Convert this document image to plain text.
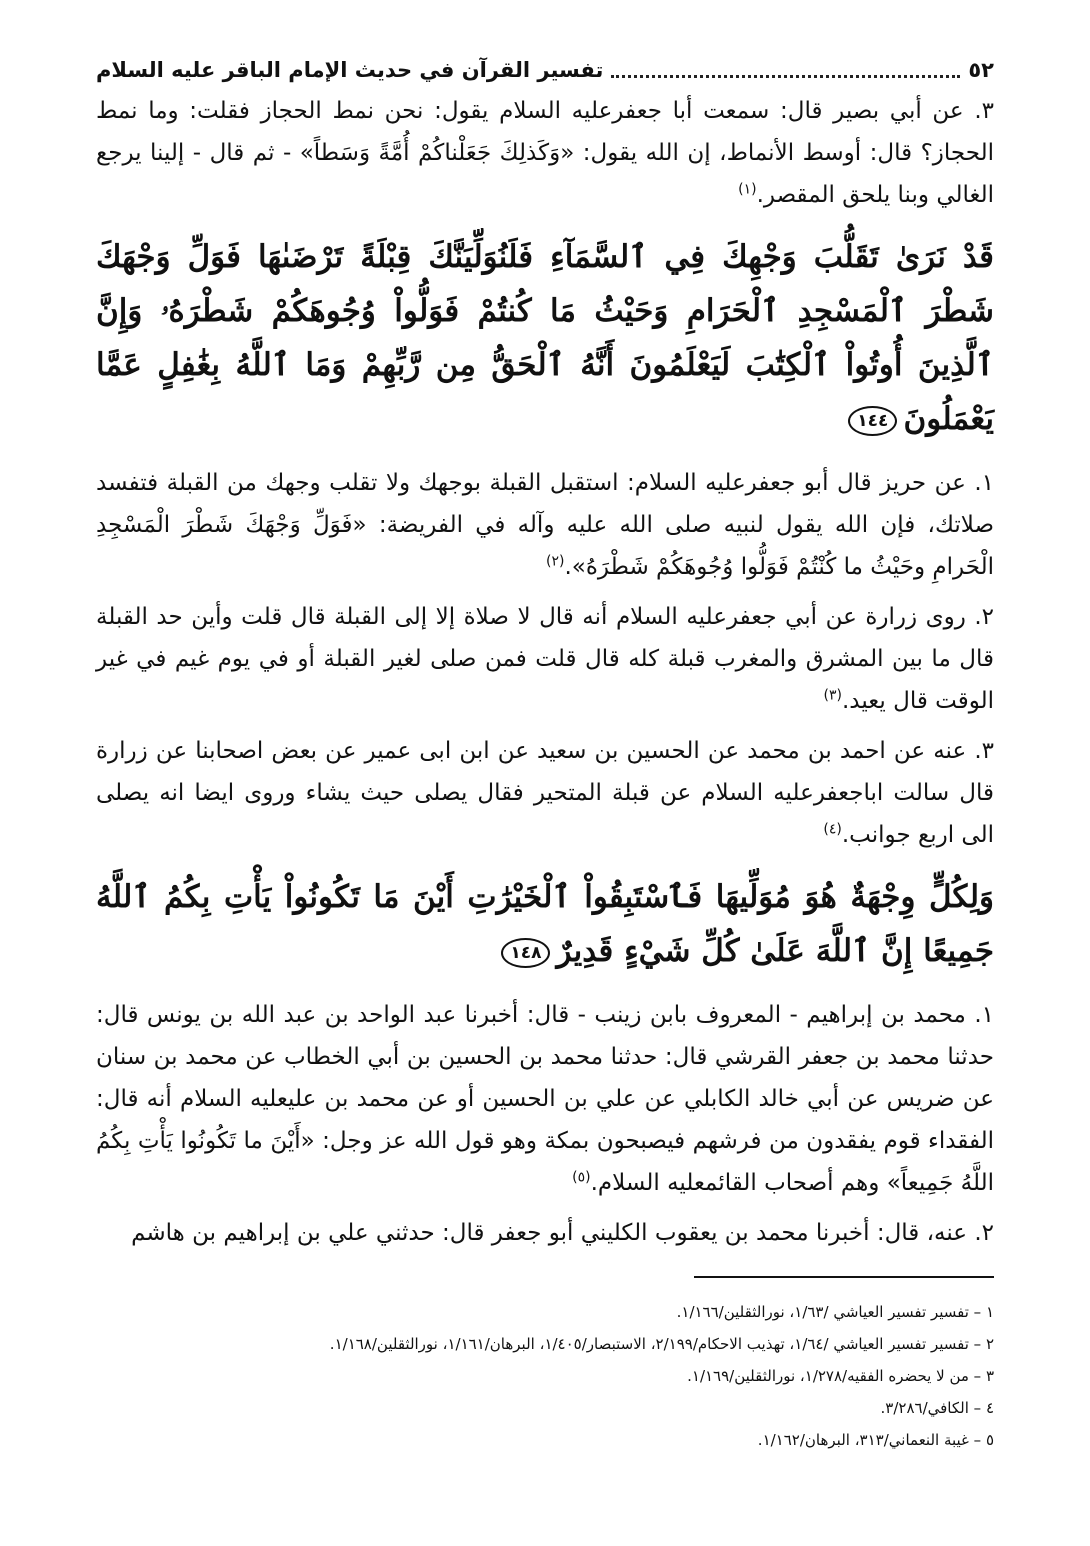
٥٢
تفسير القرآن في حديث الإمام الباقر عليه السلام

٣. عن أبي بصير قال: سمعت أبا جعفرعليه السلام يقول: نحن نمط الحجاز فقلت: وما نمط الحجاز؟ قال: أوسط الأنماط، إن الله يقول: «وَكَذلِكَ جَعَلْناكُمْ أُمَّةً وَسَطاً» - ثم قال - إلينا يرجع الغالي وبنا يلحق المقصر.$^{(١)}$

قَدْ نَرَىٰ تَقَلُّبَ وَجْهِكَ فِي ٱلسَّمَآءِ فَلَنُوَلِّيَنَّكَ قِبْلَةً تَرْضَىٰهَا فَوَلِّ وَجْهَكَ شَطْرَ ٱلْمَسْجِدِ ٱلْحَرَامِ وَحَيْثُ مَا كُنتُمْ فَوَلُّواْ وُجُوهَكُمْ شَطْرَهُۥ وَإِنَّ ٱلَّذِينَ أُوتُواْ ٱلْكِتَٰبَ لَيَعْلَمُونَ أَنَّهُ ٱلْحَقُّ مِن رَّبِّهِمْ وَمَا ٱللَّهُ بِغَٰفِلٍ عَمَّا يَعْمَلُونَ١٤٤

١. عن حريز قال أبو جعفرعليه السلام: استقبل القبلة بوجهك ولا تقلب وجهك من القبلة فتفسد صلاتك، فإن الله يقول لنبيه صلى الله عليه وآله في الفريضة: «فَوَلِّ وَجْهَكَ شَطْرَ الْمَسْجِدِ الْحَرامِ وحَيْثُ ما كُنْتُمْ فَوَلُّوا وُجُوهَكُمْ شَطْرَهُ».$^{(٢)}$

٢. روى زرارة عن أبي جعفرعليه السلام أنه قال لا صلاة إلا إلى القبلة قال قلت وأين حد القبلة قال ما بين المشرق والمغرب قبلة كله قال قلت فمن صلى لغير القبلة أو في يوم غيم في غير الوقت قال يعيد.$^{(٣)}$

٣. عنه عن احمد بن محمد عن الحسين بن سعيد عن ابن ابى عمير عن بعض اصحابنا عن زرارة قال سالت اباجعفرعليه السلام عن قبلة المتحير فقال يصلى حيث يشاء وروى ايضا انه يصلى الى اربع جوانب.$^{(٤)}$

وَلِكُلٍّ وِجْهَةٌ هُوَ مُوَلِّيهَا فَٱسْتَبِقُواْ ٱلْخَيْرَٰتِ أَيْنَ مَا تَكُونُواْ يَأْتِ بِكُمُ ٱللَّهُ جَمِيعًا إِنَّ ٱللَّهَ عَلَىٰ كُلِّ شَيْءٍ قَدِيرٌ١٤٨

١. محمد بن إبراهيم - المعروف بابن زينب - قال: أخبرنا عبد الواحد بن عبد الله بن يونس قال: حدثنا محمد بن جعفر القرشي قال: حدثنا محمد بن الحسين بن أبي الخطاب عن محمد بن سنان عن ضريس عن أبي خالد الكابلي عن علي بن الحسين أو عن محمد بن عليعليه السلام أنه قال: الفقداء قوم يفقدون من فرشهم فيصبحون بمكة وهو قول الله عز وجل: «أَيْنَ ما تَكُونُوا يَأْتِ بِكُمُ اللَّهُ جَمِيعاً» وهم أصحاب القائمعليه السلام.$^{(٥)}$

٢. عنه، قال: أخبرنا محمد بن يعقوب الكليني أبو جعفر قال: حدثني علي بن إبراهيم بن هاشم

١ – تفسير تفسير العياشي /١/٦٣، نورالثقلين/١/١٦٦.
٢ – تفسير تفسير العياشي /١/٦٤، تهذيب الاحكام/٢/١٩٩، الاستبصار/١/٤٠٥، البرهان/١/١٦١، نورالثقلين/١/١٦٨.
٣ – من لا يحضره الفقيه/١/٢٧٨، نورالثقلين/١/١٦٩.
٤ – الكافي/٣/٢٨٦.
٥ – غيبة النعماني/٣١٣، البرهان/١/١٦٢.
